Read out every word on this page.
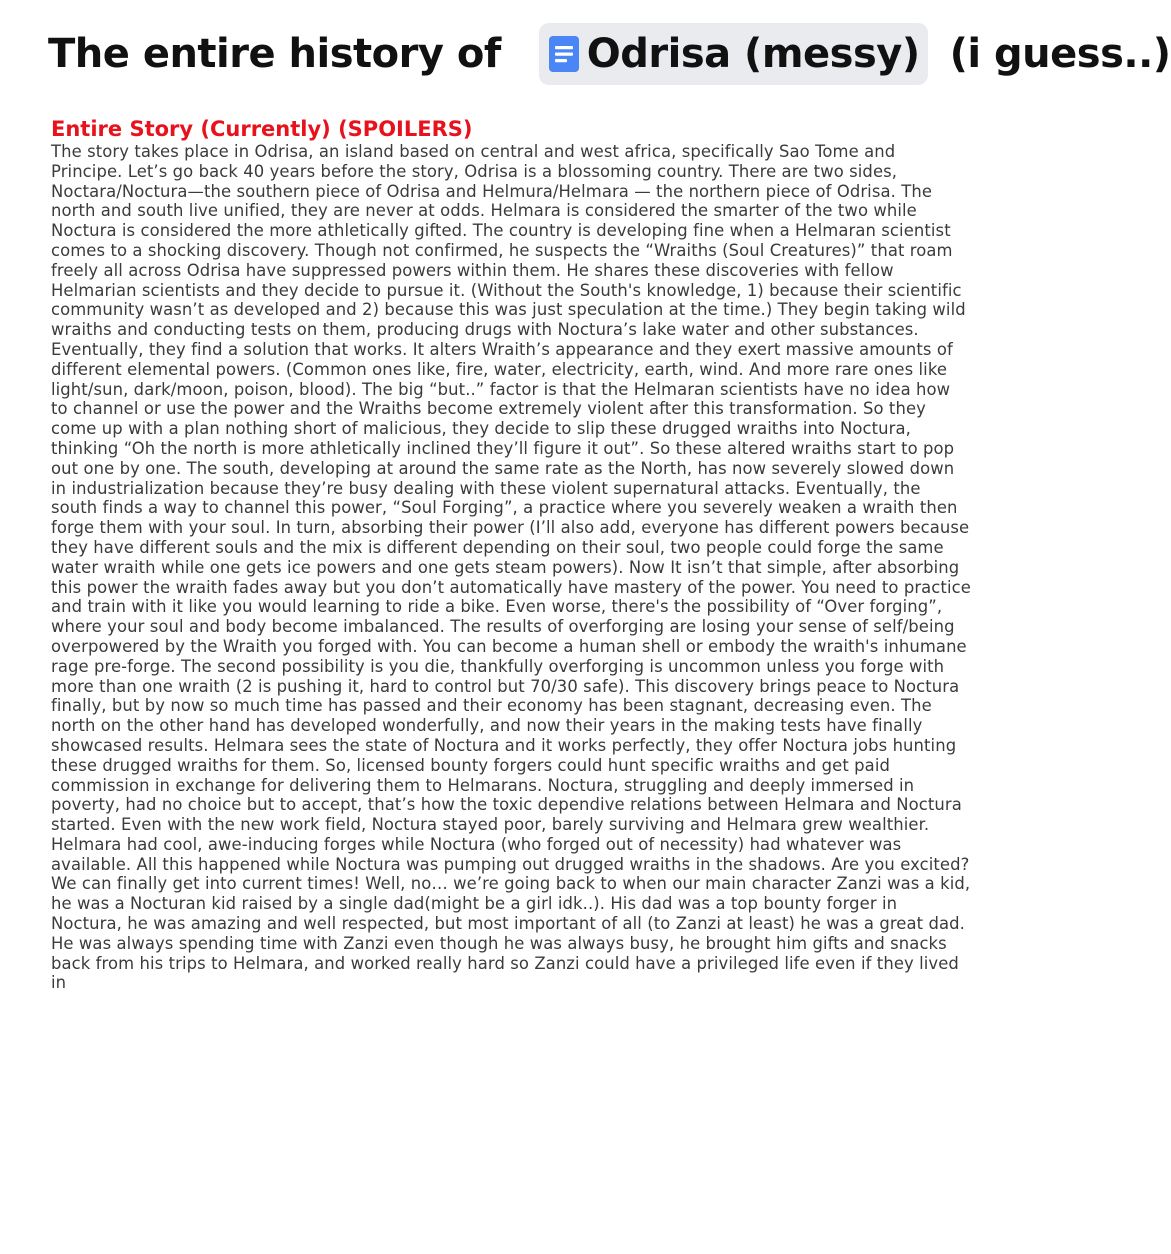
The entire history of Odrisa (messy) (i guess..)
Entire Story (Currently) (SPOILERS)

The story takes place in Odrisa, an island based on central and west africa, specifically Sao Tome and Principe. Let’s go back 40 years before the story, Odrisa is a blossoming country. There are two sides, Noctara/Noctura—the southern piece of Odrisa and Helmura/Helmara — the northern piece of Odrisa. The north and south live unified, they are never at odds. Helmara is considered the smarter of the two while Noctura is considered the more athletically gifted. The country is developing fine when a Helmaran scientist comes to a shocking discovery. Though not confirmed, he suspects the “Wraiths (Soul Creatures)” that roam freely all across Odrisa have suppressed powers within them. He shares these discoveries with fellow Helmarian scientists and they decide to pursue it. (Without the South's knowledge, 1) because their scientific community wasn’t as developed and 2) because this was just speculation at the time.) They begin taking wild wraiths and conducting tests on them, producing drugs with Noctura’s lake water and other substances. Eventually, they find a solution that works. It alters Wraith’s appearance and they exert massive amounts of different elemental powers. (Common ones like, fire, water, electricity, earth, wind. And more rare ones like light/sun, dark/moon, poison, blood). The big “but..” factor is that the Helmaran scientists have no idea how to channel or use the power and the Wraiths become extremely violent after this transformation. So they come up with a plan nothing short of malicious, they decide to slip these drugged wraiths into Noctura, thinking “Oh the north is more athletically inclined they’ll figure it out”. So these altered wraiths start to pop out one by one. The south, developing at around the same rate as the North, has now severely slowed down in industrialization because they’re busy dealing with these violent supernatural attacks. Eventually, the south finds a way to channel this power, “Soul Forging”, a practice where you severely weaken a wraith then forge them with your soul. In turn, absorbing their power (I’ll also add, everyone has different powers because they have different souls and the mix is different depending on their soul, two people could forge the same water wraith while one gets ice powers and one gets steam powers). Now It isn’t that simple, after absorbing this power the wraith fades away but you don’t automatically have mastery of the power. You need to practice and train with it like you would learning to ride a bike. Even worse, there's the possibility of “Over forging”, where your soul and body become imbalanced. The results of overforging are losing your sense of self/being overpowered by the Wraith you forged with. You can become a human shell or embody the wraith's inhumane rage pre-forge. The second possibility is you die, thankfully overforging is uncommon unless you forge with more than one wraith (2 is pushing it, hard to control but 70/30 safe). This discovery brings peace to Noctura finally, but by now so much time has passed and their economy has been stagnant, decreasing even. The north on the other hand has developed wonderfully, and now their years in the making tests have finally showcased results. Helmara sees the state of Noctura and it works perfectly, they offer Noctura jobs hunting these drugged wraiths for them. So, licensed bounty forgers could hunt specific wraiths and get paid commission in exchange for delivering them to Helmarans. Noctura, struggling and deeply immersed in poverty, had no choice but to accept, that’s how the toxic dependive relations between Helmara and Noctura started. Even with the new work field, Noctura stayed poor, barely surviving and Helmara grew wealthier. Helmara had cool, awe-inducing forges while Noctura (who forged out of necessity) had whatever was available. All this happened while Noctura was pumping out drugged wraiths in the shadows. Are you excited? We can finally get into current times! Well, no… we’re going back to when our main character Zanzi was a kid, he was a Nocturan kid raised by a single dad(might be a girl idk..). His dad was a top bounty forger in Noctura, he was amazing and well respected, but most important of all (to Zanzi at least) he was a great dad. He was always spending time with Zanzi even though he was always busy, he brought him gifts and snacks back from his trips to Helmara, and worked really hard so Zanzi could have a privileged life even if they lived in
